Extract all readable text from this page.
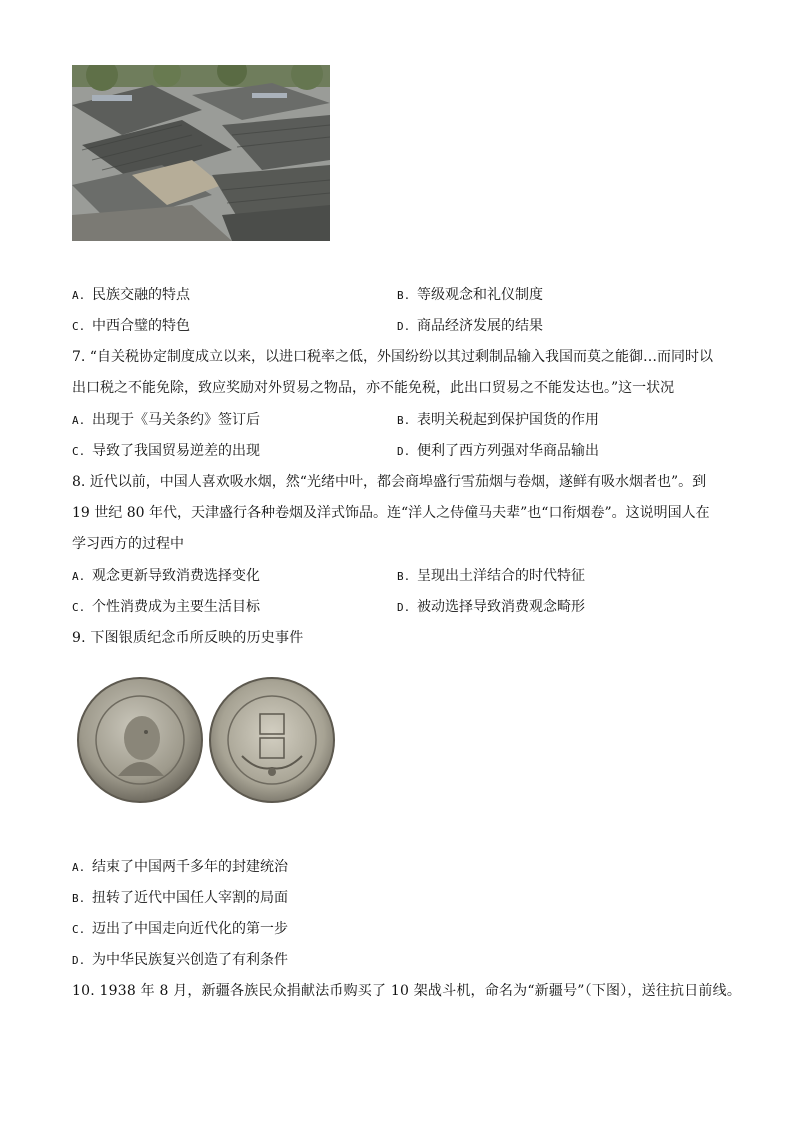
A. 民族交融的特点	B. 等级观念和礼仪制度
C. 中西合璧的特色	D. 商品经济发展的结果
7. “自关税协定制度成立以来，以进口税率之低，外国纷纷以其过剩制品输入我国而莫之能御…而同时以
出口税之不能免除，致应奖励对外贸易之物品，亦不能免税，此出口贸易之不能发达也。”这一状况
A. 出现于《马关条约》签订后	B. 表明关税起到保护国货的作用
C. 导致了我国贸易逆差的出现	D. 便利了西方列强对华商品输出
8. 近代以前，中国人喜欢吸水烟，然“光绪中叶，都会商埠盛行雪茄烟与卷烟，遂鲜有吸水烟者也”。到
19 世纪 80 年代，天津盛行各种卷烟及洋式饰品。连“洋人之侍僮马夫辈”也“口衔烟卷”。这说明国人在
学习西方的过程中
A. 观念更新导致消费选择变化	B. 呈现出土洋结合的时代特征
C. 个性消费成为主要生活目标	D. 被动选择导致消费观念畸形
9. 下图银质纪念币所反映的历史事件
A. 结束了中国两千多年的封建统治
B. 扭转了近代中国任人宰割的局面
C. 迈出了中国走向近代化的第一步
D. 为中华民族复兴创造了有利条件
10. 1938 年 8 月，新疆各族民众捐献法币购买了 10 架战斗机，命名为“新疆号”（下图），送往抗日前线。
